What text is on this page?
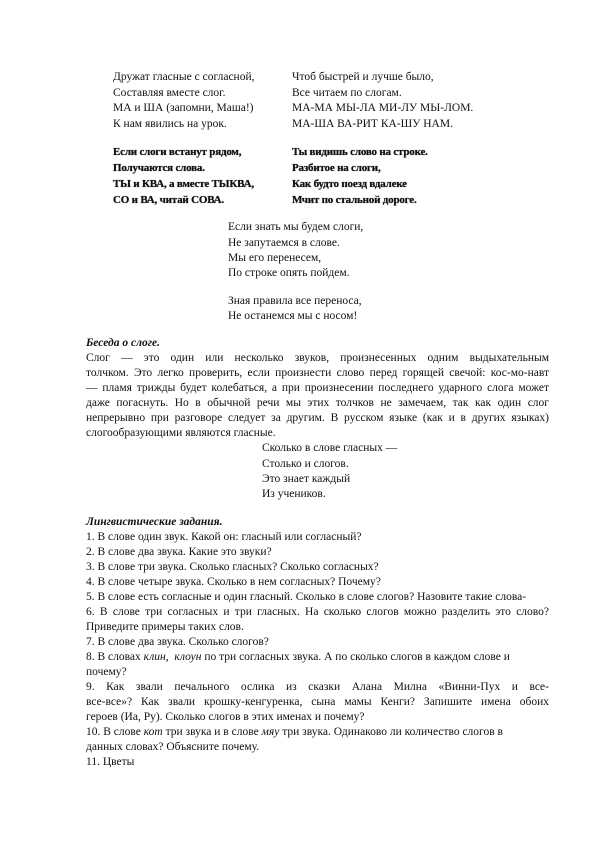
Дружат гласные с согласной,
Составляя вместе слог.
МА и ША (запомни, Маша!)
К нам явились на урок.
Чтоб быстрей и лучше было,
Все читаем по слогам.
МА-МА МЫ-ЛА МИ-ЛУ МЫ-ЛОМ.
МА-ША ВА-РИТ КА-ШУ НАМ.
Если слоги встанут рядом,
Получаются слова.
ТЫ и КВА, а вместе ТЫКВА,
СО и ВА, читай СОВА.
Ты видишь слово на строке.
Разбитое на слоги,
Как будто поезд вдалеке
Мчит по стальной дороге.
Если знать мы будем слоги,
Не запутаемся в слове.
Мы его перенесем,
По строке опять пойдем.
Зная правила все переноса,
Не останемся мы с носом!
Беседа о слоге.
Слог — это один или несколько звуков, произнесенных одним выдыхательным
толчком. Это легко проверить, если произнести слово перед горящей свечой: кос-мо-навт
— пламя трижды будет колебаться, а при произнесении последнего ударного слога может
даже погаснуть. Но в обычной речи мы этих толчков не замечаем, так как один слог
непрерывно при разговоре следует за другим. В русском языке (как и в других языках)
слогообразующими являются гласные.
Сколько в слове гласных —
Столько и слогов.
Это знает каждый
Из учеников.
Лингвистические задания.
1. В слове один звук. Какой он: гласный или согласный?
2. В слове два звука. Какие это звуки?
3. В слове три звука. Сколько гласных? Сколько согласных?
4. В слове четыре звука. Сколько в нем согласных? Почему?
5. В слове есть согласные и один гласный. Сколько в слове слогов? Назовите такие слова-
6. В слове три согласных и три гласных. На сколько слогов можно разделить это слово?
Приведите примеры таких слов.
7. В слове два звука. Сколько слогов?
8. В словах клин, клоун по три согласных звука. А по сколько слогов в каждом слове и
почему?
9. Как звали печального ослика из сказки Алана Милна «Винни-Пух и все-
все-все»? Как звали крошку-кенгуренка, сына мамы Кенги? Запишите имена обоих
героев (Иа, Ру). Сколько слогов в этих именах и почему?
10. В слове кот три звука и в слове мяу три звука. Одинаково ли количество слогов в
данных словах? Объясните почему.
11. Цветы
